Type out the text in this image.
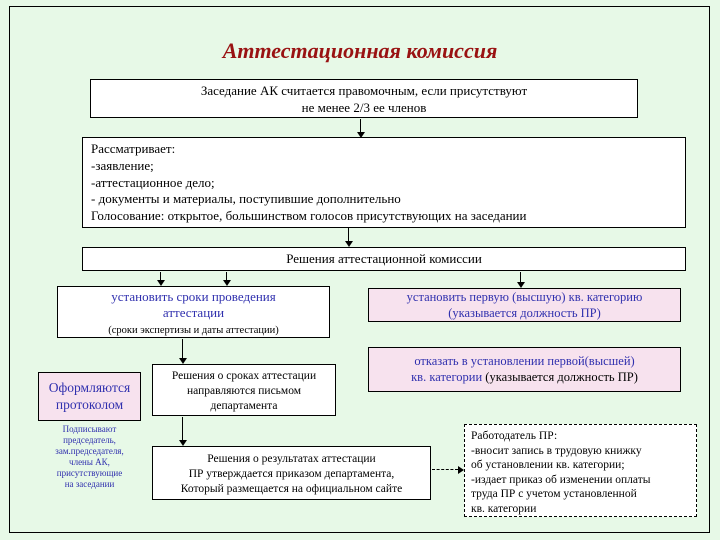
Аттестационная комиссия
Заседание АК считается правомочным, если присутствуют
не менее 2/3 ее членов
Рассматривает:
-заявление;
-аттестационное дело;
- документы и материалы, поступившие дополнительно
Голосование: открытое, большинством голосов присутствующих на заседании
Решения аттестационной комиссии
установить сроки проведения
аттестации
(сроки экспертизы и даты аттестации)
установить первую (высшую) кв. категорию
(указывается должность ПР)
отказать в установлении первой(высшей)
кв. категории (указывается должность ПР)
Оформляются
протоколом
Подписывают
председатель,
зам.председателя,
члены АК,
присутствующие
на заседании
Решения о сроках аттестации
направляются письмом
департамента
Решения о результатах аттестации
ПР утверждается приказом департамента,
Который размещается на официальном сайте
Работодатель ПР:
-вносит запись в трудовую книжку
об установлении кв. категории;
-издает приказ об изменении оплаты
труда ПР с учетом установленной
кв. категории
